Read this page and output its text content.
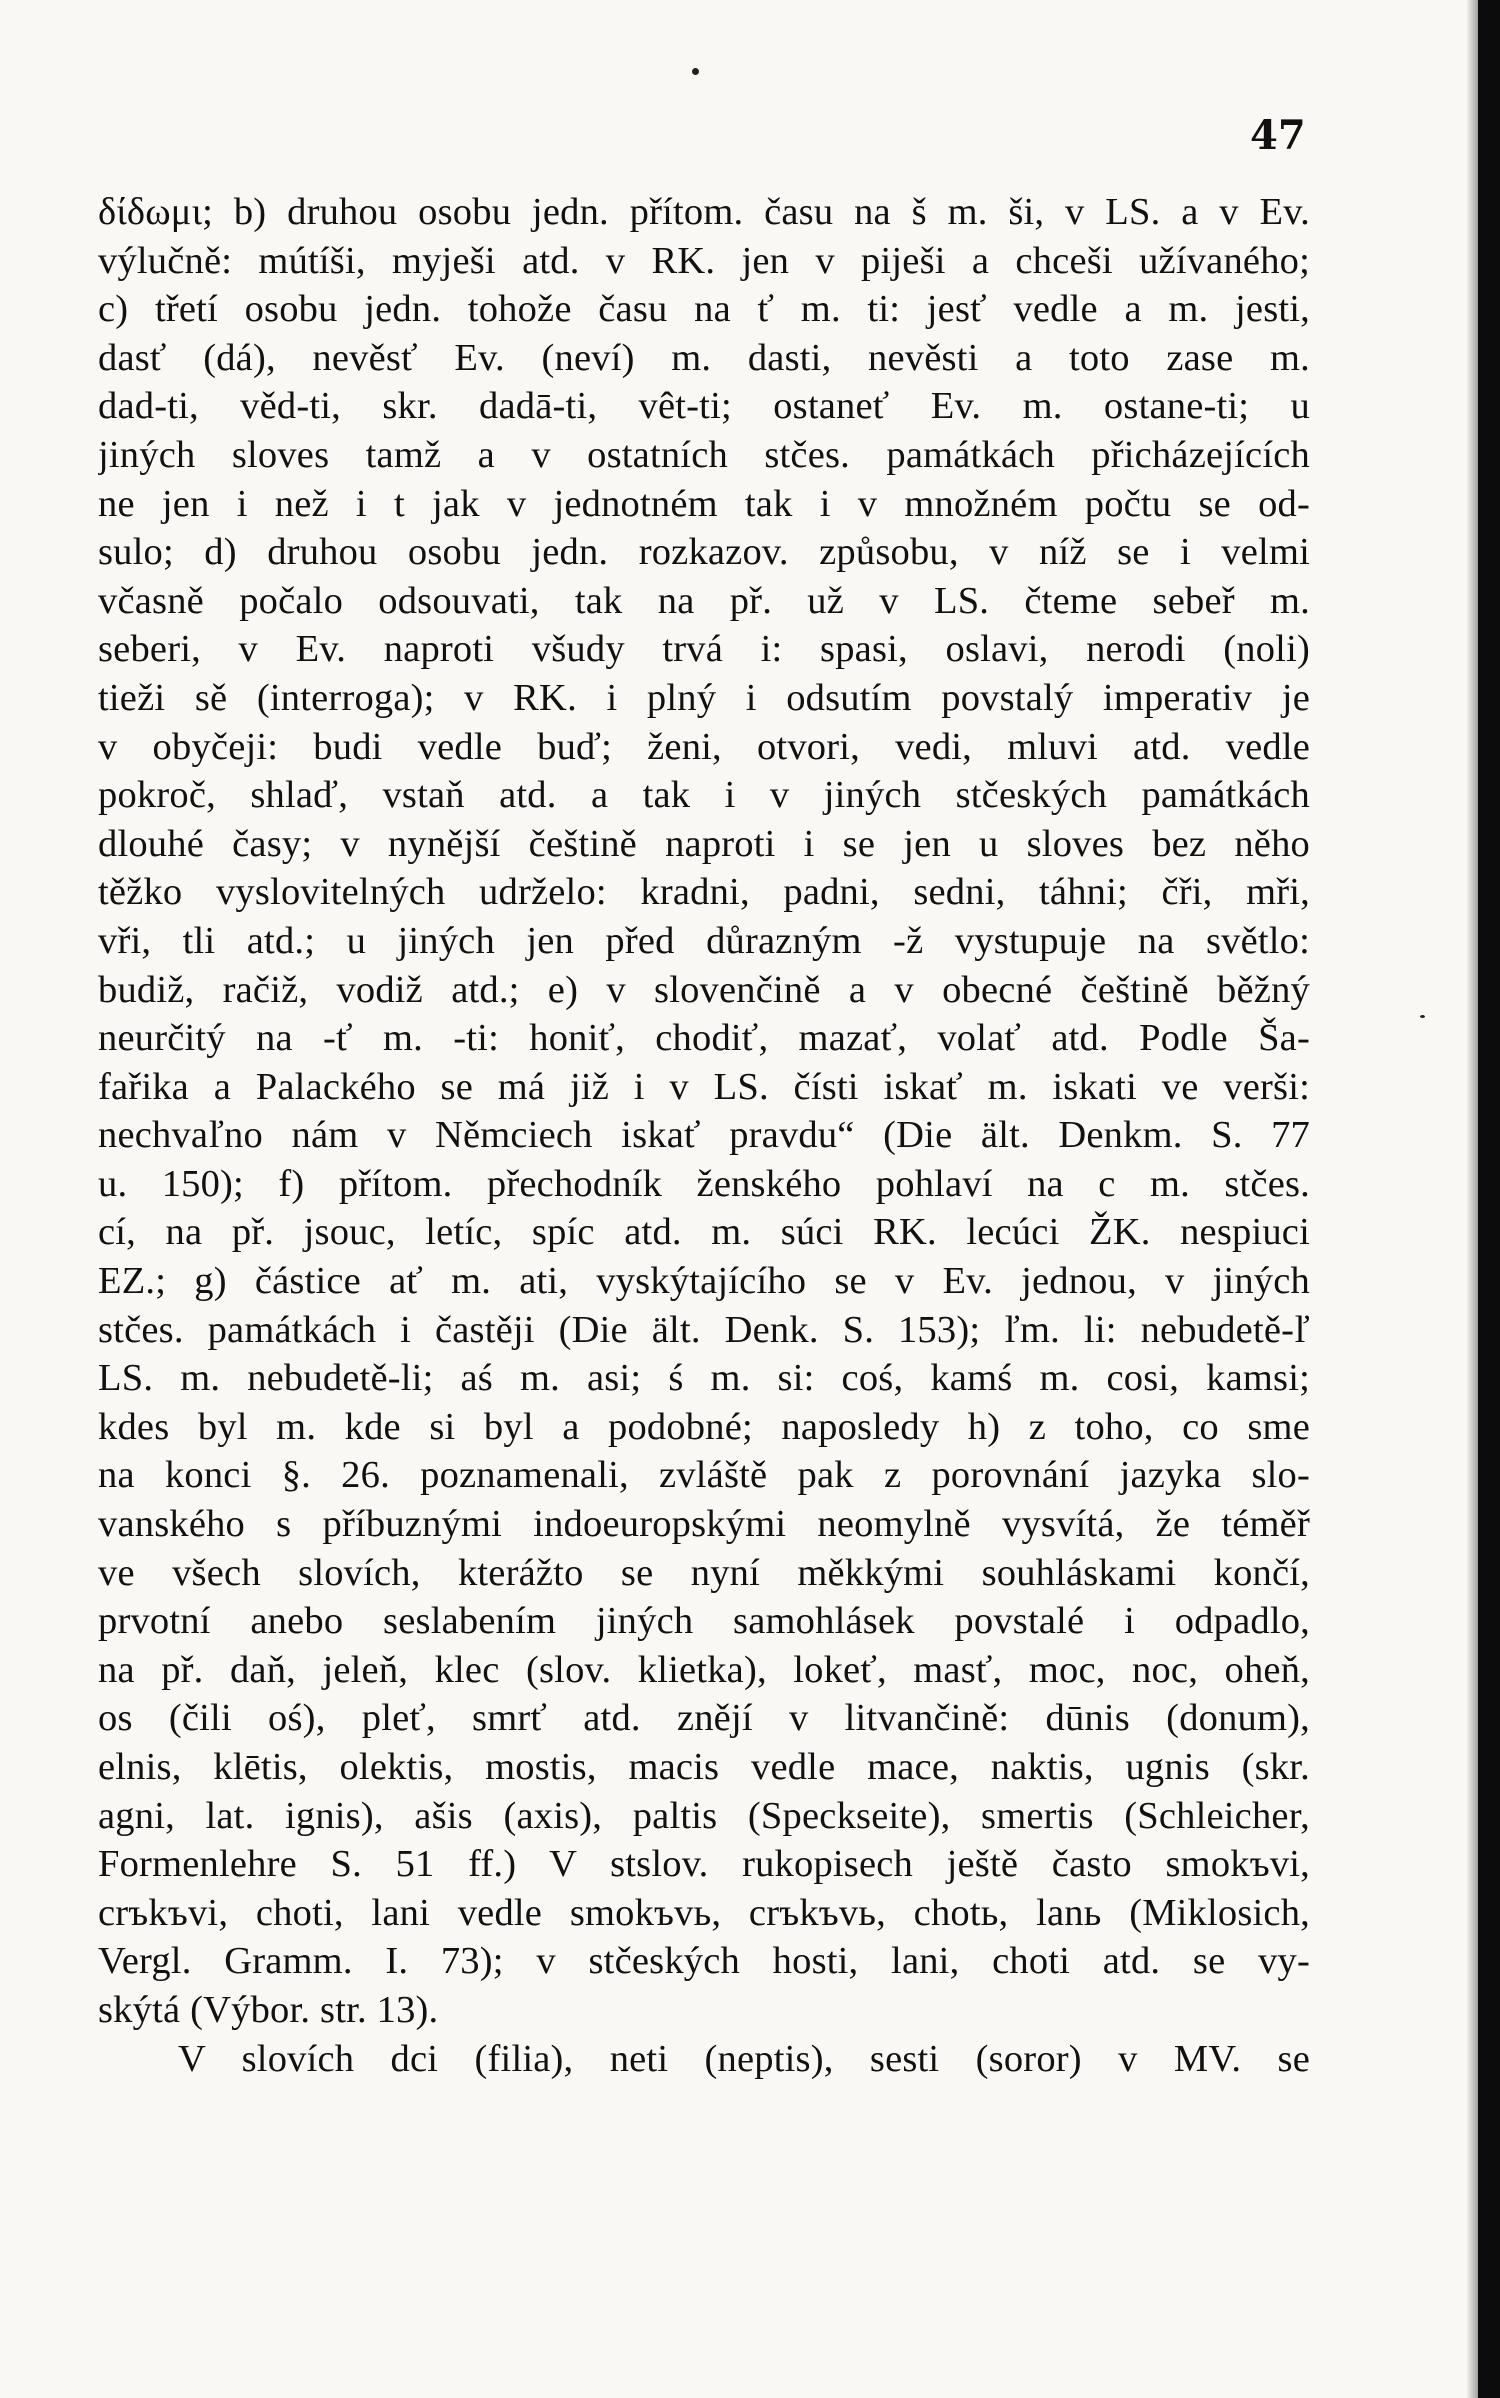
47
δίδωμι; b) druhou osobu jedn. přítom. času na š m. ši, v LS. a v Ev.
výlučně: mútíši, myješi atd. v RK. jen v piješi a chceši užívaného;
c) třetí osobu jedn. tohože času na ť m. ti: jesť vedle a m. jesti,
dasť (dá), nevěsť Ev. (neví) m. dasti, nevěsti a toto zase m.
dad-ti, věd-ti, skr. dadā-ti, vêt-ti; ostaneť Ev. m. ostane-ti; u
jiných sloves tamž a v ostatních stčes. památkách přicházejících
ne jen i než i t jak v jednotném tak i v množném počtu se od-
sulo; d) druhou osobu jedn. rozkazov. způsobu, v níž se i velmi
včasně počalo odsouvati, tak na př. už v LS. čteme sebeř m.
seberi, v Ev. naproti všudy trvá i: spasi, oslavi, nerodi (noli)
tieži sě (interroga); v RK. i plný i odsutím povstalý imperativ je
v obyčeji: budi vedle buď; ženi, otvori, vedi, mluvi atd. vedle
pokroč, shlaď, vstaň atd. a tak i v jiných stčeských památkách
dlouhé časy; v nynější češtině naproti i se jen u sloves bez něho
těžko vyslovitelných udrželo: kradni, padni, sedni, táhni; čři, mři,
vři, tli atd.; u jiných jen před důrazným -ž vystupuje na světlo:
budiž, račiž, vodiž atd.; e) v slovenčině a v obecné češtině běžný
neurčitý na -ť m. -ti: honiť, chodiť, mazať, volať atd. Podle Ša-
fařika a Palackého se má již i v LS. čísti iskať m. iskati ve verši:
nechvaľno nám v Němciech iskať pravdu“ (Die ält. Denkm. S. 77
u. 150); f) přítom. přechodník ženského pohlaví na c m. stčes.
cí, na př. jsouc, letíc, spíc atd. m. súci RK. lecúci ŽK. nespiuci
EZ.; g) částice ať m. ati, vyskýtajícího se v Ev. jednou, v jiných
stčes. památkách i častěji (Die ält. Denk. S. 153); ľm. li: nebudetě-ľ
LS. m. nebudetě-li; aś m. asi; ś m. si: coś, kamś m. cosi, kamsi;
kdes byl m. kde si byl a podobné; naposledy h) z toho, co sme
na konci §. 26. poznamenali, zvláště pak z porovnání jazyka slo-
vanského s příbuznými indoeuropskými neomylně vysvítá, že téměř
ve všech slovích, kterážto se nyní měkkými souhláskami končí,
prvotní anebo seslabením jiných samohlásek povstalé i odpadlo,
na př. daň, jeleň, klec (slov. klietka), lokeť, masť, moc, noc, oheň,
os (čili oś), pleť, smrť atd. znějí v litvančině: dūnis (donum),
elnis, klētis, olektis, mostis, macis vedle mace, naktis, ugnis (skr.
agni, lat. ignis), ašis (axis), paltis (Speckseite), smertis (Schleicher,
Formenlehre S. 51 ff.) V stslov. rukopisech ještě často smokъvi,
crъkъvi, choti, lani vedle smokъvь, crъkъvь, chotь, lanь (Miklosich,
Vergl. Gramm. I. 73); v stčeských hosti, lani, choti atd. se vy-
skýtá (Výbor. str. 13).
V slovích dci (filia), neti (neptis), sesti (soror) v MV. se
